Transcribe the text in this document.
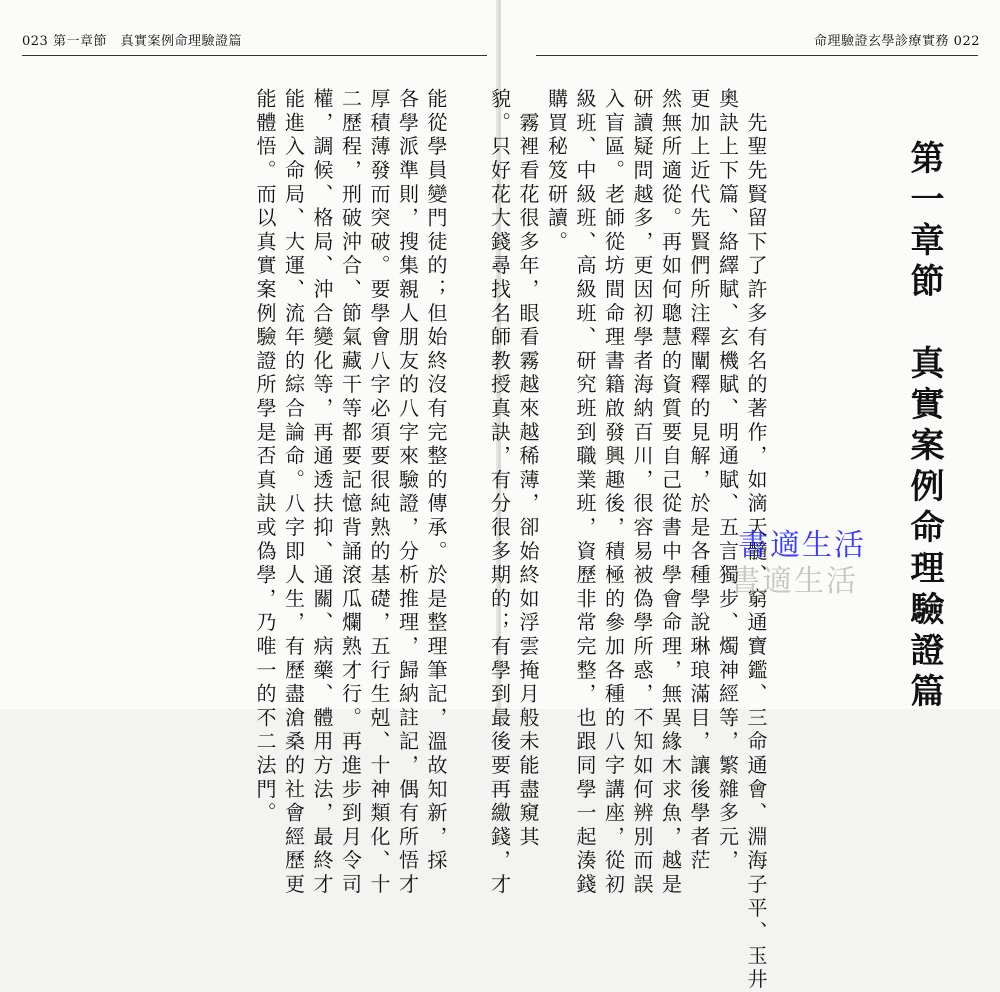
023 第一章節　真實案例命理驗證篇
能從學員變門徒的；但始終沒有完整的傳承。於是整理筆記，溫故知新，採
各學派準則，搜集親人朋友的八字來驗證，分析推理，歸納註記，偶有所悟才
厚積薄發而突破。要學會八字必須要很純熟的基礎，五行生剋、十神類化、十
二歷程，刑破沖合、節氣藏干等都要記憶背誦滾瓜爛熟才行。再進步到月令司
權，調候、格局、沖合變化等，再通透扶抑、通關、病藥、體用方法，最終才
能進入命局、大運、流年的綜合論命。八字即人生，有歷盡滄桑的社會經歷更
能體悟。而以真實案例驗證所學是否真訣或偽學，乃唯一的不二法門。
命理驗證玄學診療實務 022
　先聖先賢留下了許多有名的著作，如滴天髓、窮通寶鑑、三命通會、淵海子平、玉井
奧訣上下篇、絡繹賦、玄機賦、明通賦、五言獨步、燭神經等，繁雜多元，
更加上近代先賢們所注釋闡釋的見解，於是各種學說琳琅滿目，讓後學者茫
然無所適從。再如何聰慧的資質要自己從書中學會命理，無異緣木求魚，越是
研讀疑問越多，更因初學者海納百川，很容易被偽學所惑，不知如何辨別而誤
入盲區。老師從坊間命理書籍啟發興趣後，積極的參加各種的八字講座，從初
級班、中級班、高級班、研究班到職業班，資歷非常完整，也跟同學一起湊錢
購買秘笈研讀。
　霧裡看花很多年，眼看霧越來越稀薄，卻始終如浮雲掩月般未能盡窺其
貌。只好花大錢尋找名師教授真訣，有分很多期的；有學到最後要再繳錢，才	第一章節　真實案例命理驗證篇
書適生活
書適生活
